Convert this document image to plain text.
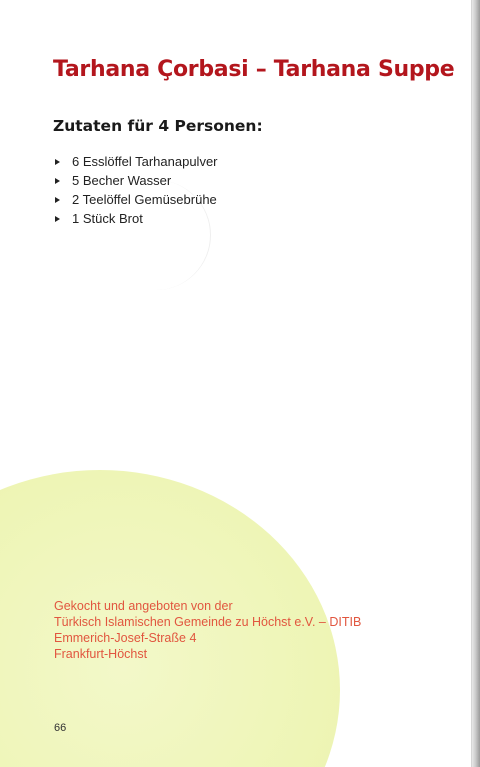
Tarhana Çorbasi – Tarhana Suppe
Zutaten für 4 Personen:
6 Esslöffel Tarhanapulver
5 Becher Wasser
2 Teelöffel Gemüsebrühe
1 Stück Brot
Gekocht und angeboten von der
Türkisch Islamischen Gemeinde zu Höchst e.V. – DITIB
Emmerich-Josef-Straße 4
Frankfurt-Höchst
66
